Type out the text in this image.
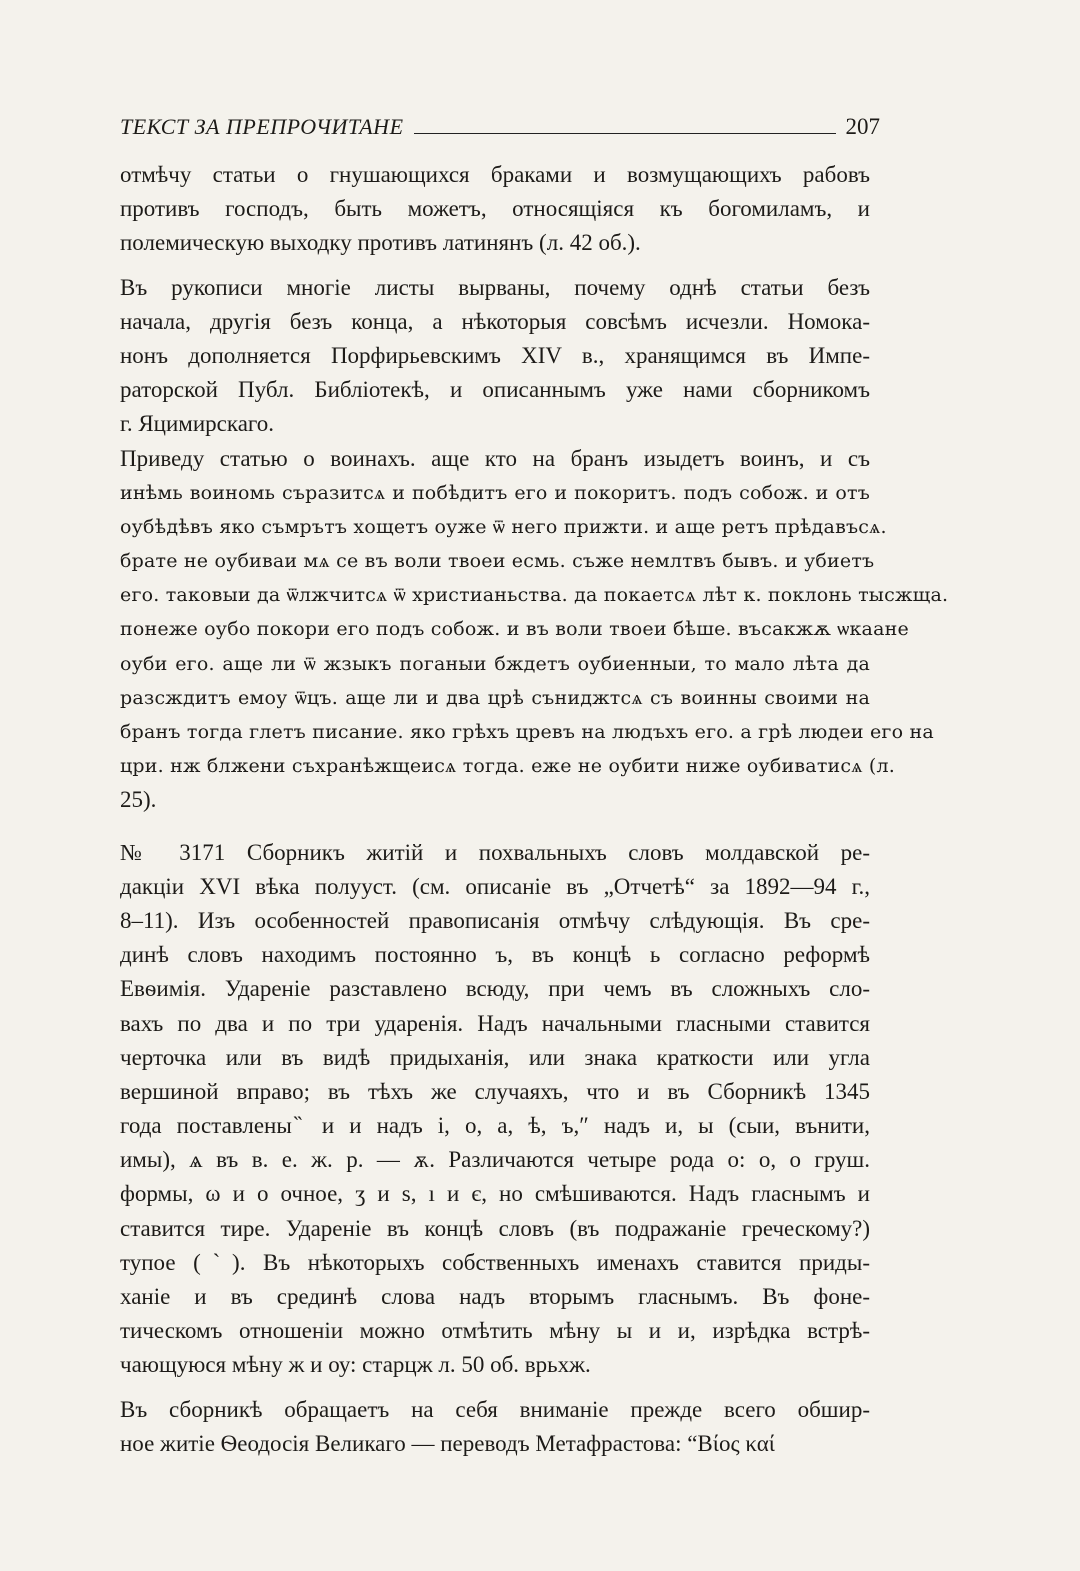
ТЕКСТ ЗА ПРЕПРОЧИТАНЕ	207

отмѣчу статьи о гнушающихся браками и возмущающихъ рабовъ
противъ господъ, быть можетъ, относящіяся къ богомиламъ, и
полемическую выходку противъ латинянъ (л. 42 об.).

Въ рукописи многіе листы вырваны, почему однѣ статьи безъ
начала, другія безъ конца, а нѣкоторыя совсѣмъ исчезли. Номока-
нонъ дополняется Порфирьевскимъ XIV в., хранящимся въ Импе-
раторской Публ. Библіотекѣ, и описаннымъ уже нами сборникомъ
г. Яцимирскаго.

Приведу статью о воинахъ. аще кто на бранъ изыдетъ воинъ, и съ
инѣмь воиномь съразитсѧ и побѣдитъ его и покоритъ. подъ собож. и отъ
оубѣдѣвъ яко съмрътъ хощетъ оуже ѿ него прижти. и аще ретъ прѣдавъсѧ.
брате не оубиваи мѧ се въ воли твоеи есмь. съже немлтвъ бывъ. и убиетъ
его. таковыи да ѿлжчитсѧ ѿ христианьства. да покаетсѧ лѣт к. поклонь тысжща.
понеже оубо покори его подъ собож. и въ воли твоеи бѣше. въсакжѫ ѡкаане
оуби его. аще ли ѿ жзыкъ поганыи бждетъ оубиенныи, то мало лѣта да
разсждитъ емоу ѿцъ. аще ли и два црѣ съниджтсѧ съ воинны своими на
бранъ тогда глетъ писание. яко грѣхъ цревъ на людъхъ его. а грѣ людеи его на
цри. нж блжени съхранѣжщеисѧ тогда. еже не оубити ниже оубиватисѧ (л.
25).

№ 3171 Сборникъ житій и похвальныхъ словъ молдавской ре-
дакціи XVI вѣка полууст. (см. описаніе въ „Отчетѣ“ за 1892—94 г.,
8–11). Изъ особенностей правописанія отмѣчу слѣдующія. Въ сре-
динѣ словъ находимъ постоянно ъ, въ концѣ ь согласно реформѣ
Евѳимія. Удареніе разставлено всюду, при чемъ въ сложныхъ сло-
вахъ по два и по три ударенія. Надъ начальными гласными ставится
черточка или въ видѣ придыханія, или знака краткости или угла
вершиной вправо; въ тѣхъ же случаяхъ, что и въ Сборникѣ 1345
года поставлены ̏ и и надъ і, о, а, ѣ, ъ,″ надъ и, ы (сыи, вънити,
имы), ѧ въ в. е. ж. р. — ѫ. Различаются четыре рода о: о, о груш.
формы, ω и о очное, ʒ и s, ı и є, но смѣшиваются. Надъ гласнымъ и
ставится тире. Удареніе въ концѣ словъ (въ подражаніе греческому?)
тупое (ˋ). Въ нѣкоторыхъ собственныхъ именахъ ставится приды-
ханіе и въ срединѣ слова надъ вторымъ гласнымъ. Въ фоне-
тическомъ отношеніи можно отмѣтить мѣну ы и и, изрѣдка встрѣ-
чающуюся мѣну ж и оу: старцж л. 50 об. врьхж.

Въ сборникѣ обращаетъ на себя вниманіе прежде всего обшир-
ное житіе Ѳеодосія Великаго — переводъ Метафрастова: “Βίος καί
